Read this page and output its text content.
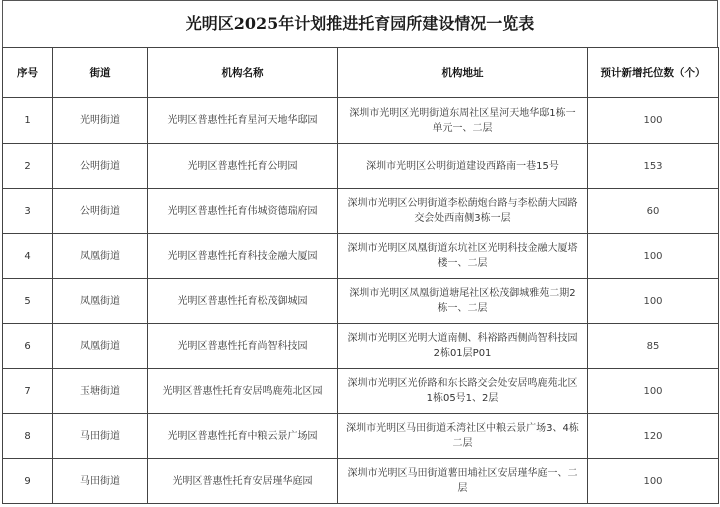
光明区2025年计划推进托育园所建设情况一览表
序号	街道	机构名称	机构地址	预计新增托位数（个）
1	光明街道	光明区普惠性托育星河天地华邸园	深圳市光明区光明街道东周社区星河天地华邸1栋一单元一、二层	100
2	公明街道	光明区普惠性托育公明园	深圳市光明区公明街道建设西路南一巷15号	153
3	公明街道	光明区普惠性托育伟城资德瑞府园	深圳市光明区公明街道李松蓢炮台路与李松蓢大园路交会处西南侧3栋一层	60
4	凤凰街道	光明区普惠性托育科技金融大厦园	深圳市光明区凤凰街道东坑社区光明科技金融大厦塔楼一、二层	100
5	凤凰街道	光明区普惠性托育松茂御城园	深圳市光明区凤凰街道塘尾社区松茂御城雅苑二期2栋一、二层	100
6	凤凰街道	光明区普惠性托育尚智科技园	深圳市光明区光明大道南侧、科裕路西侧尚智科技园2栋01层P01	85
7	玉塘街道	光明区普惠性托育安居鸣鹿苑北区园	深圳市光明区光侨路和东长路交会处安居鸣鹿苑北区1栋05号1、2层	100
8	马田街道	光明区普惠性托育中粮云景广场园	深圳市光明区马田街道禾湾社区中粮云景广场3、4栋二层	120
9	马田街道	光明区普惠性托育安居瑾华庭园	深圳市光明区马田街道薯田埔社区安居瑾华庭一、二层	100
